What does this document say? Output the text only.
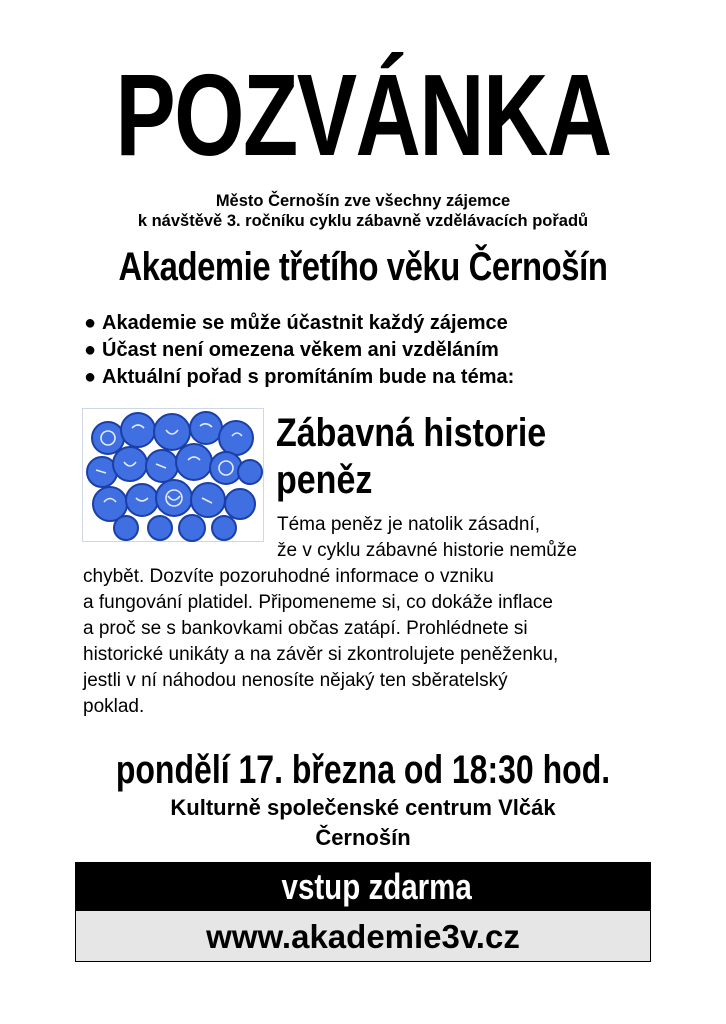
POZVÁNKA
Město Černošín zve všechny zájemce
k návštěvě 3. ročníku cyklu zábavně vzdělávacích pořadů
Akademie třetího věku Černošín
● Akademie se může účastnit každý zájemce
● Účast není omezena věkem ani vzděláním
● Aktuální pořad s promítáním bude na téma:
Zábavná historie
peněz
Téma peněz je natolik zásadní,
že v cyklu zábavné historie nemůže
chybět. Dozvíte pozoruhodné informace o vzniku
a fungování platidel. Připomeneme si, co dokáže inflace
a proč se s bankovkami občas zatápí. Prohlédnete si
historické unikáty a na závěr si zkontrolujete peněženku,
jestli v ní náhodou nenosíte nějaký ten sběratelský
poklad.
pondělí 17. března od 18:30 hod.
Kulturně společenské centrum Vlčák
Černošín
vstup zdarma
www.akademie3v.cz
